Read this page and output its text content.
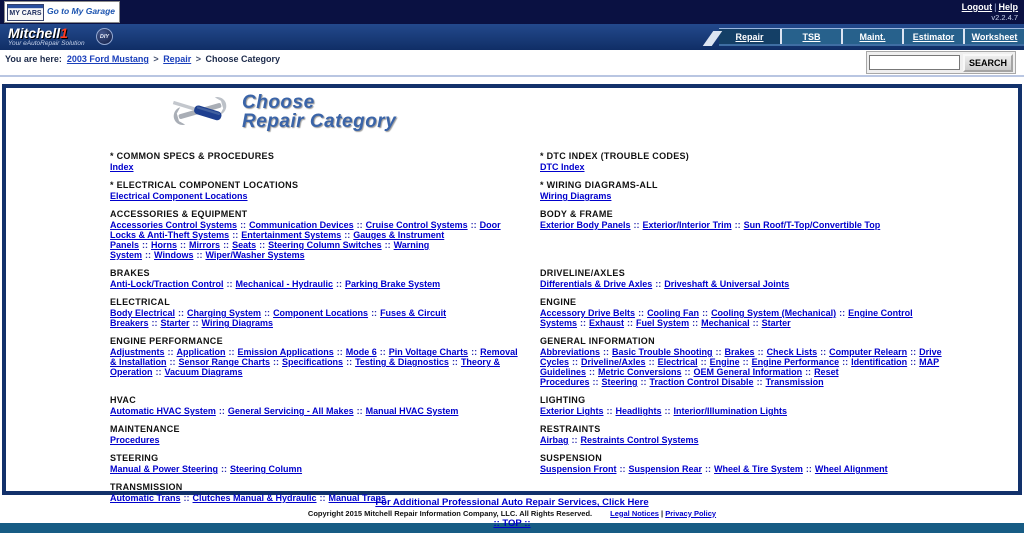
MY CARS Go to My Garage	Logout | Help
v2.2.4.7
Mitchell1
Your eAutoRepair Solution
DIY	Repair	TSB	Maint.	Estimator	Worksheet
You are here: 2003 Ford Mustang > Repair > Choose Category	SEARCH
Choose
Repair Category
* COMMON SPECS & PROCEDURES
Index
* DTC INDEX (TROUBLE CODES)
DTC Index
* ELECTRICAL COMPONENT LOCATIONS
Electrical Component Locations
* WIRING DIAGRAMS-ALL
Wiring Diagrams
ACCESSORIES & EQUIPMENT
Accessories Control Systems :: Communication Devices :: Cruise Control Systems :: Door Locks & Anti-Theft Systems :: Entertainment Systems :: Gauges & Instrument Panels :: Horns :: Mirrors :: Seats :: Steering Column Switches :: Warning System :: Windows :: Wiper/Washer Systems
BODY & FRAME
Exterior Body Panels :: Exterior/Interior Trim :: Sun Roof/T-Top/Convertible Top
BRAKES
Anti-Lock/Traction Control :: Mechanical - Hydraulic :: Parking Brake System
DRIVELINE/AXLES
Differentials & Drive Axles :: Driveshaft & Universal Joints
ELECTRICAL
Body Electrical :: Charging System :: Component Locations :: Fuses & Circuit Breakers :: Starter :: Wiring Diagrams
ENGINE
Accessory Drive Belts :: Cooling Fan :: Cooling System (Mechanical) :: Engine Control Systems :: Exhaust :: Fuel System :: Mechanical :: Starter
ENGINE PERFORMANCE
Adjustments :: Application :: Emission Applications :: Mode 6 :: Pin Voltage Charts :: Removal & Installation :: Sensor Range Charts :: Specifications :: Testing & Diagnostics :: Theory & Operation :: Vacuum Diagrams
GENERAL INFORMATION
Abbreviations :: Basic Trouble Shooting :: Brakes :: Check Lists :: Computer Relearn :: Drive Cycles :: Driveline/Axles :: Electrical :: Engine :: Engine Performance :: Identification :: MAP Guidelines :: Metric Conversions :: OEM General Information :: Reset Procedures :: Steering :: Traction Control Disable :: Transmission
HVAC
Automatic HVAC System :: General Servicing - All Makes :: Manual HVAC System
LIGHTING
Exterior Lights :: Headlights :: Interior/Illumination Lights
MAINTENANCE
Procedures
RESTRAINTS
Airbag :: Restraints Control Systems
STEERING
Manual & Power Steering :: Steering Column
SUSPENSION
Suspension Front :: Suspension Rear :: Wheel & Tire System :: Wheel Alignment
TRANSMISSION
Automatic Trans :: Clutches Manual & Hydraulic :: Manual Trans
For Additional Professional Auto Repair Services, Click Here
Copyright 2015 Mitchell Repair Information Company, LLC. All Rights Reserved. Legal Notices | Privacy Policy
:: TOP ::
